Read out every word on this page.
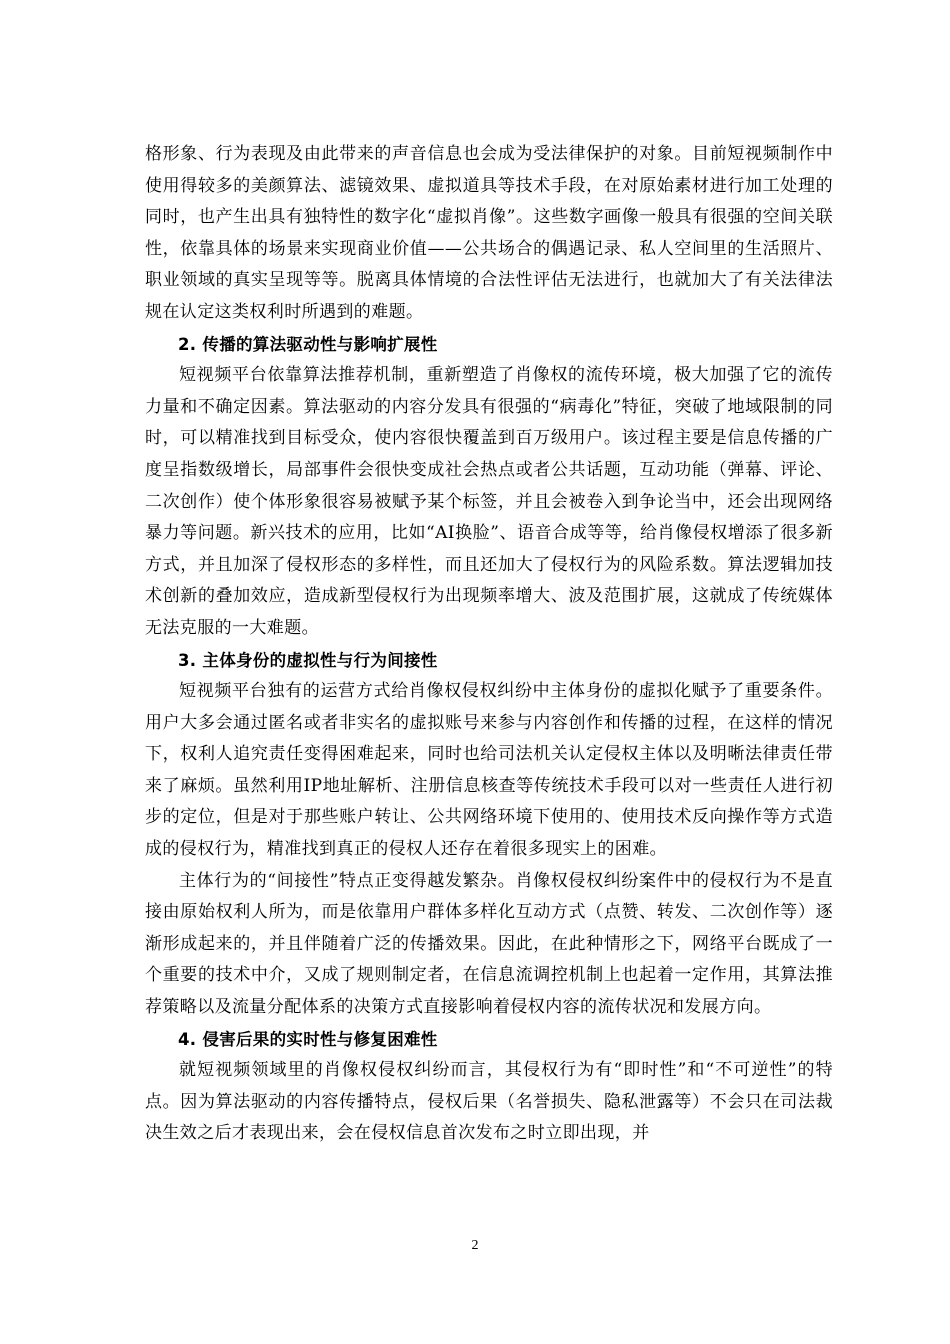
格形象、行为表现及由此带来的声音信息也会成为受法律保护的对象。目前短视频制作中使用得较多的美颜算法、滤镜效果、虚拟道具等技术手段，在对原始素材进行加工处理的同时，也产生出具有独特性的数字化“虚拟肖像”。这些数字画像一般具有很强的空间关联性，依靠具体的场景来实现商业价值——公共场合的偶遇记录、私人空间里的生活照片、职业领域的真实呈现等等。脱离具体情境的合法性评估无法进行，也就加大了有关法律法规在认定这类权利时所遇到的难题。

2. 传播的算法驱动性与影响扩展性

短视频平台依靠算法推荐机制，重新塑造了肖像权的流传环境，极大加强了它的流传力量和不确定因素。算法驱动的内容分发具有很强的“病毒化”特征，突破了地域限制的同时，可以精准找到目标受众，使内容很快覆盖到百万级用户。该过程主要是信息传播的广度呈指数级增长，局部事件会很快变成社会热点或者公共话题，互动功能（弹幕、评论、二次创作）使个体形象很容易被赋予某个标签，并且会被卷入到争论当中，还会出现网络暴力等问题。新兴技术的应用，比如“AI换脸”、语音合成等等，给肖像侵权增添了很多新方式，并且加深了侵权形态的多样性，而且还加大了侵权行为的风险系数。算法逻辑加技术创新的叠加效应，造成新型侵权行为出现频率增大、波及范围扩展，这就成了传统媒体无法克服的一大难题。

3. 主体身份的虚拟性与行为间接性

短视频平台独有的运营方式给肖像权侵权纠纷中主体身份的虚拟化赋予了重要条件。用户大多会通过匿名或者非实名的虚拟账号来参与内容创作和传播的过程，在这样的情况下，权利人追究责任变得困难起来，同时也给司法机关认定侵权主体以及明晰法律责任带来了麻烦。虽然利用IP地址解析、注册信息核查等传统技术手段可以对一些责任人进行初步的定位，但是对于那些账户转让、公共网络环境下使用的、使用技术反向操作等方式造成的侵权行为，精准找到真正的侵权人还存在着很多现实上的困难。

主体行为的“间接性”特点正变得越发繁杂。肖像权侵权纠纷案件中的侵权行为不是直接由原始权利人所为，而是依靠用户群体多样化互动方式（点赞、转发、二次创作等）逐渐形成起来的，并且伴随着广泛的传播效果。因此，在此种情形之下，网络平台既成了一个重要的技术中介，又成了规则制定者，在信息流调控机制上也起着一定作用，其算法推荐策略以及流量分配体系的决策方式直接影响着侵权内容的流传状况和发展方向。

4. 侵害后果的实时性与修复困难性

就短视频领域里的肖像权侵权纠纷而言，其侵权行为有“即时性”和“不可逆性”的特点。因为算法驱动的内容传播特点，侵权后果（名誉损失、隐私泄露等）不会只在司法裁决生效之后才表现出来，会在侵权信息首次发布之时立即出现，并

2
